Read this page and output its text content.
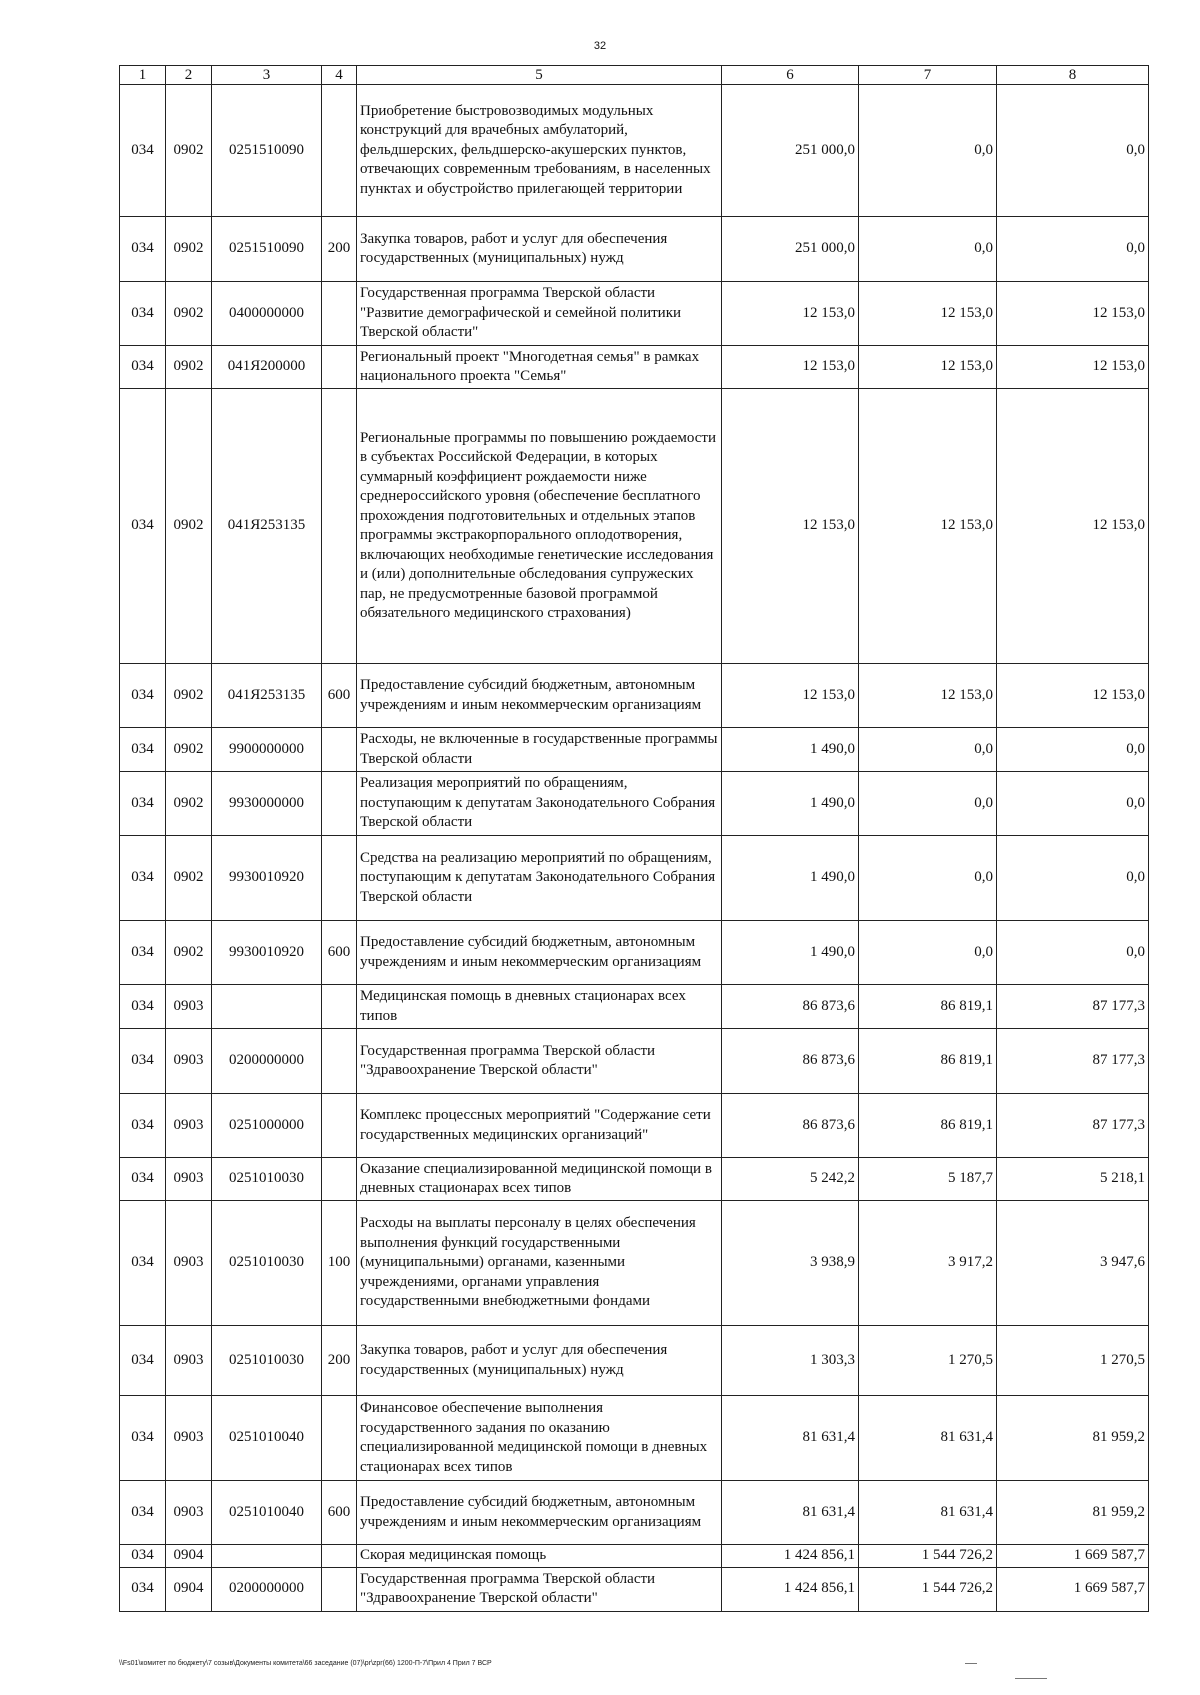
32
1	2	3	4	5	6	7	8
034	0902	0251510090		Приобретение быстровозводимых модульных конструкций для врачебных амбулаторий, фельдшерских, фельдшерско-акушерских пунктов, отвечающих современным требованиям, в населенных пунктах и обустройство прилегающей территории	251 000,0	0,0	0,0
034	0902	0251510090	200	Закупка товаров, работ и услуг для обеспечения государственных (муниципальных) нужд	251 000,0	0,0	0,0
034	0902	0400000000		Государственная программа Тверской области "Развитие демографической и семейной политики Тверской области"	12 153,0	12 153,0	12 153,0
034	0902	041Я200000		Региональный проект "Многодетная семья" в рамках национального проекта "Семья"	12 153,0	12 153,0	12 153,0
034	0902	041Я253135		Региональные программы по повышению рождаемости в субъектах Российской Федерации, в которых суммарный коэффициент рождаемости ниже среднероссийского уровня (обеспечение бесплатного прохождения подготовительных и отдельных этапов программы экстракорпорального оплодотворения, включающих необходимые генетические исследования и (или) дополнительные обследования супружеских пар, не предусмотренные базовой программой обязательного медицинского страхования)	12 153,0	12 153,0	12 153,0
034	0902	041Я253135	600	Предоставление субсидий бюджетным, автономным учреждениям и иным некоммерческим организациям	12 153,0	12 153,0	12 153,0
034	0902	9900000000		Расходы, не включенные в государственные программы Тверской области	1 490,0	0,0	0,0
034	0902	9930000000		Реализация мероприятий по обращениям, поступающим к депутатам Законодательного Собрания Тверской области	1 490,0	0,0	0,0
034	0902	9930010920		Средства на реализацию мероприятий по обращениям, поступающим к депутатам Законодательного Собрания Тверской области	1 490,0	0,0	0,0
034	0902	9930010920	600	Предоставление субсидий бюджетным, автономным учреждениям и иным некоммерческим организациям	1 490,0	0,0	0,0
034	0903			Медицинская помощь в дневных стационарах всех типов	86 873,6	86 819,1	87 177,3
034	0903	0200000000		Государственная программа Тверской области "Здравоохранение Тверской области"	86 873,6	86 819,1	87 177,3
034	0903	0251000000		Комплекс процессных мероприятий "Содержание сети государственных медицинских организаций"	86 873,6	86 819,1	87 177,3
034	0903	0251010030		Оказание специализированной медицинской помощи в дневных стационарах всех типов	5 242,2	5 187,7	5 218,1
034	0903	0251010030	100	Расходы на выплаты персоналу в целях обеспечения выполнения функций государственными (муниципальными) органами, казенными учреждениями, органами управления государственными внебюджетными фондами	3 938,9	3 917,2	3 947,6
034	0903	0251010030	200	Закупка товаров, работ и услуг для обеспечения государственных (муниципальных) нужд	1 303,3	1 270,5	1 270,5
034	0903	0251010040		Финансовое обеспечение выполнения государственного задания по оказанию специализированной медицинской помощи в дневных стационарах всех типов	81 631,4	81 631,4	81 959,2
034	0903	0251010040	600	Предоставление субсидий бюджетным, автономным учреждениям и иным некоммерческим организациям	81 631,4	81 631,4	81 959,2
034	0904			Скорая медицинская помощь	1 424 856,1	1 544 726,2	1 669 587,7
034	0904	0200000000		Государственная программа Тверской области "Здравоохранение Тверской области"	1 424 856,1	1 544 726,2	1 669 587,7
\\Fs01\комитет по бюджету\7 созыв\Документы комитета\66 заседание (07)\pr\zpr(66) 1200-П-7\Прил 4 Прил 7 ВСР
